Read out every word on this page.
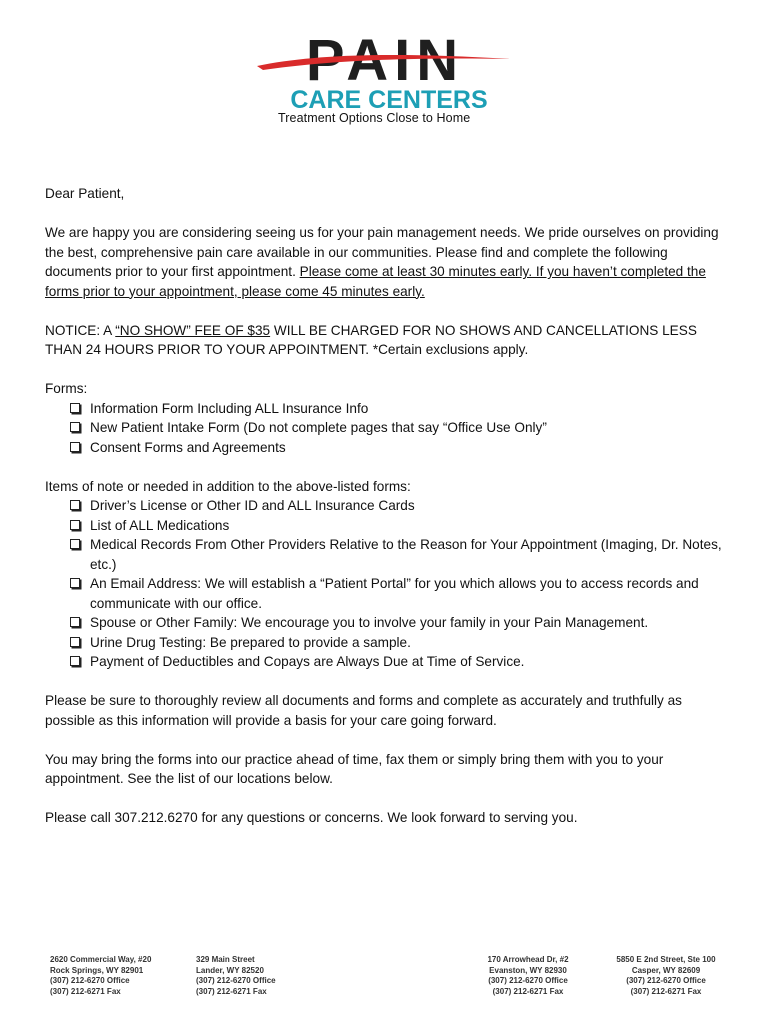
PAIN
CARE CENTERS
Treatment Options Close to Home

Dear Patient,

We are happy you are considering seeing us for your pain management needs. We pride ourselves on providing the best, comprehensive pain care available in our communities. Please find and complete the following documents prior to your first appointment. Please come at least 30 minutes early. If you haven’t completed the forms prior to your appointment, please come 45 minutes early.

NOTICE: A “NO SHOW” FEE OF $35 WILL BE CHARGED FOR NO SHOWS AND CANCELLATIONS LESS THAN 24 HOURS PRIOR TO YOUR APPOINTMENT. *Certain exclusions apply.

Forms:
Information Form Including ALL Insurance Info
New Patient Intake Form (Do not complete pages that say “Office Use Only”
Consent Forms and Agreements
Items of note or needed in addition to the above-listed forms:
Driver’s License or Other ID and ALL Insurance Cards
List of ALL Medications
Medical Records From Other Providers Relative to the Reason for Your Appointment (Imaging, Dr. Notes, etc.)
An Email Address: We will establish a “Patient Portal” for you which allows you to access records and communicate with our office.
Spouse or Other Family: We encourage you to involve your family in your Pain Management.
Urine Drug Testing: Be prepared to provide a sample.
Payment of Deductibles and Copays are Always Due at Time of Service.

Please be sure to thoroughly review all documents and forms and complete as accurately and truthfully as possible as this information will provide a basis for your care going forward.

You may bring the forms into our practice ahead of time, fax them or simply bring them with you to your appointment. See the list of our locations below.

Please call 307.212.6270 for any questions or concerns. We look forward to serving you.

2620 Commercial Way, #20
Rock Springs, WY 82901
(307) 212-6270 Office
(307) 212-6271 Fax
329 Main Street
Lander, WY 82520
(307) 212-6270 Office
(307) 212-6271 Fax
170 Arrowhead Dr, #2
Evanston, WY 82930
(307) 212-6270 Office
(307) 212-6271 Fax
5850 E 2nd Street, Ste 100
Casper, WY 82609
(307) 212-6270 Office
(307) 212-6271 Fax
